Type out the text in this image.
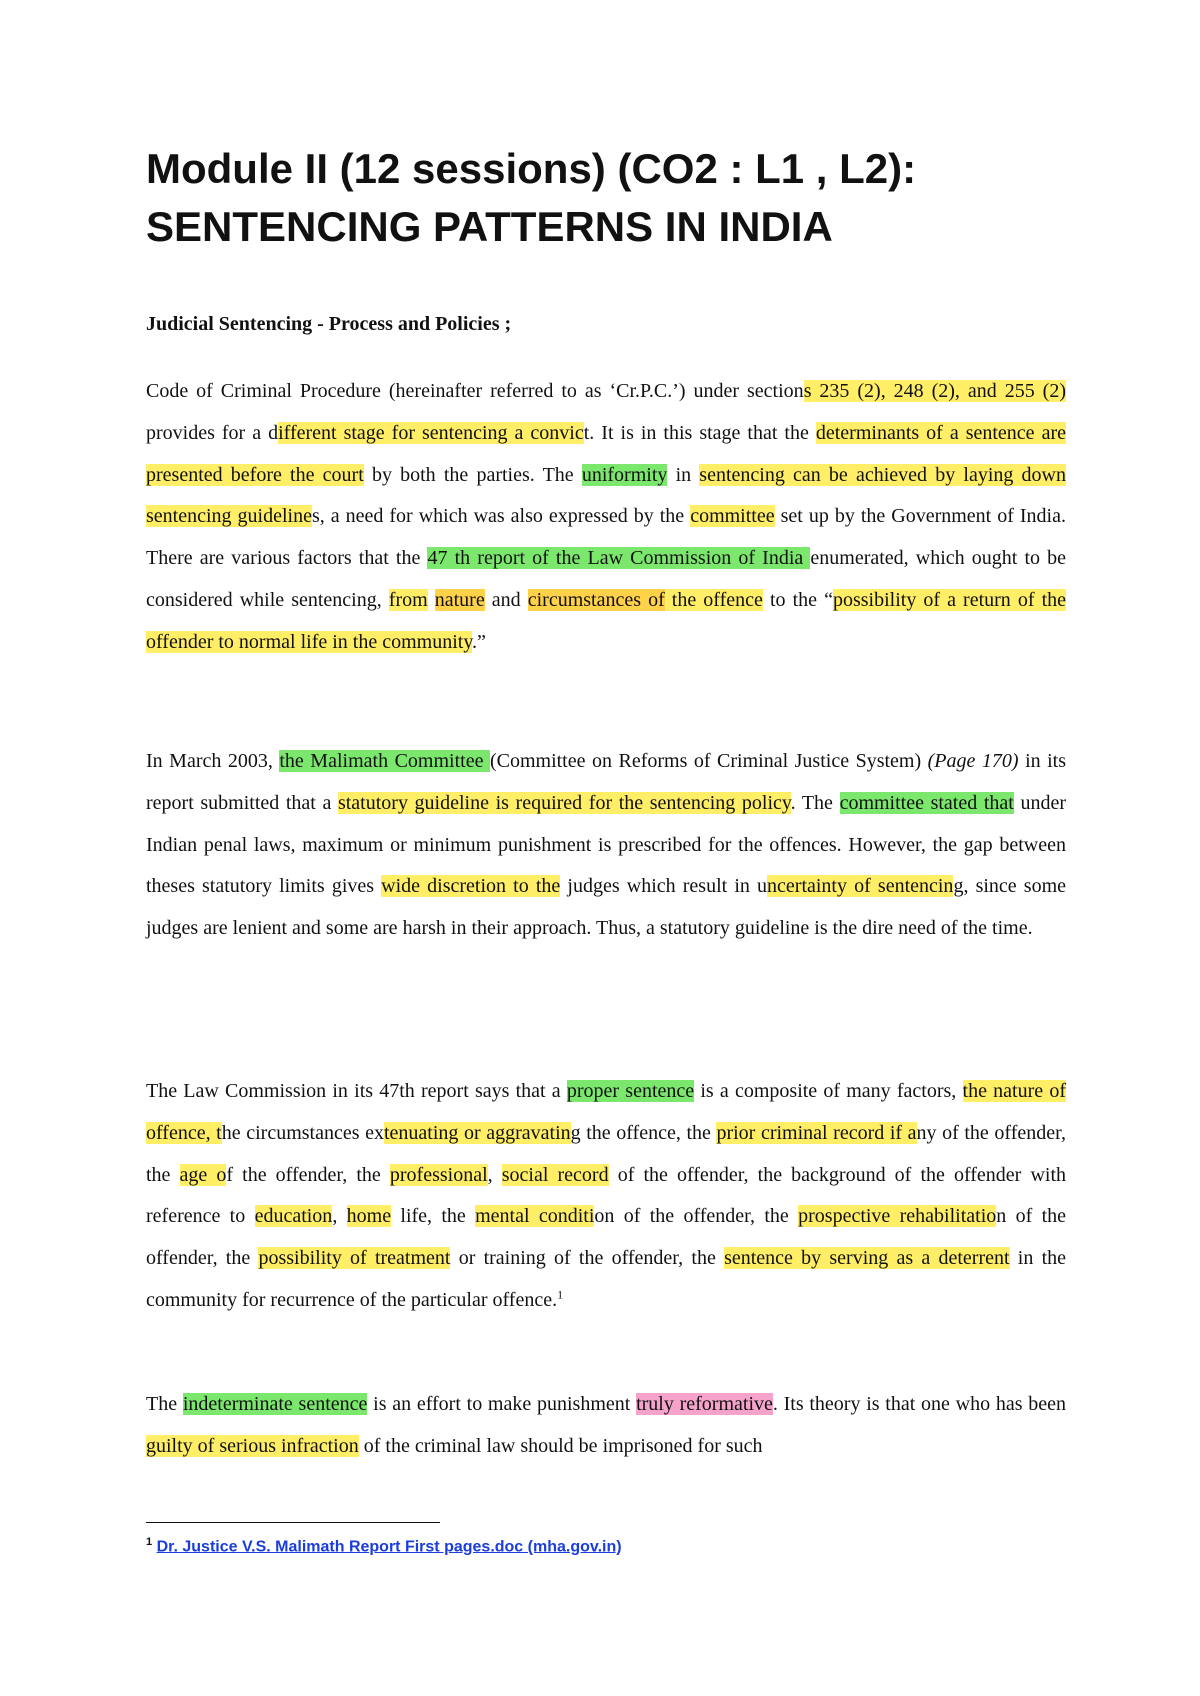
Module II (12 sessions) (CO2 : L1 , L2):
SENTENCING PATTERNS IN INDIA

Judicial Sentencing - Process and Policies ;

Code of Criminal Procedure (hereinafter referred to as ‘Cr.P.C.’) under sections 235 (2), 248 (2), and 255 (2) provides for a different stage for sentencing a convict. It is in this stage that the determinants of a sentence are presented before the court by both the parties. The uniformity in sentencing can be achieved by laying down sentencing guidelines, a need for which was also expressed by the committee set up by the Government of India. There are various factors that the 47 th report of the Law Commission of India enumerated, which ought to be considered while sentencing, from nature and circumstances of the offence to the “possibility of a return of the offender to normal life in the community.”

In March 2003, the Malimath Committee (Committee on Reforms of Criminal Justice System) (Page 170) in its report submitted that a statutory guideline is required for the sentencing policy. The committee stated that under Indian penal laws, maximum or minimum punishment is prescribed for the offences. However, the gap between theses statutory limits gives wide discretion to the judges which result in uncertainty of sentencing, since some judges are lenient and some are harsh in their approach. Thus, a statutory guideline is the dire need of the time.

The Law Commission in its 47th report says that a proper sentence is a composite of many factors, the nature of offence, the circumstances extenuating or aggravating the offence, the prior criminal record if any of the offender, the age of the offender, the professional, social record of the offender, the background of the offender with reference to education, home life, the mental condition of the offender, the prospective rehabilitation of the offender, the possibility of treatment or training of the offender, the sentence by serving as a deterrent in the community for recurrence of the particular offence.$^1$

The indeterminate sentence is an effort to make punishment truly reformative. Its theory is that one who has been guilty of serious infraction of the criminal law should be imprisoned for such

$^1$ Dr. Justice V.S. Malimath Report First pages.doc (mha.gov.in)
